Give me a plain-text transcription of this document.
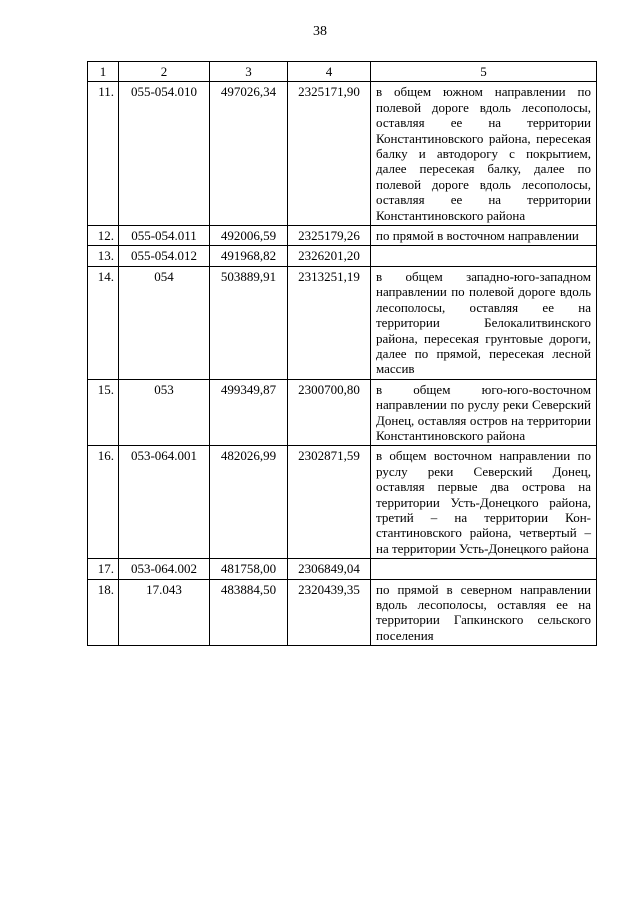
38
1	2	3	4	5
11.	055-054.010	497026,34	2325171,90	в общем южном направлении по полевой дороге вдоль лесополосы, оставляя ее на территории Константиновского района, пересекая балку и автодорогу с покрытием, далее пересекая балку, далее по полевой дороге вдоль лесополосы, оставляя ее на территории Константиновского района
12.	055-054.011	492006,59	2325179,26	по прямой в восточном направлении
13.	055-054.012	491968,82	2326201,20	
14.	054	503889,91	2313251,19	в общем западно-юго-западном направлении по полевой дороге вдоль лесополосы, оставляя ее на территории Белокалитвинского района, пересекая грунтовые дороги, далее по прямой, пересекая лесной массив
15.	053	499349,87	2300700,80	в общем юго-юго-восточном направлении по руслу реки Северский Донец, оставляя остров на территории Константиновского района
16.	053-064.001	482026,99	2302871,59	в общем восточном направлении по руслу реки Северский Донец, оставляя первые два острова на территории Усть-Донецкого района, третий – на территории Константиновского района, четвертый – на территории Усть-Донецкого района
17.	053-064.002	481758,00	2306849,04	
18.	17.043	483884,50	2320439,35	по прямой в северном направлении вдоль лесополосы, оставляя ее на территории Гапкинского сельского поселения
